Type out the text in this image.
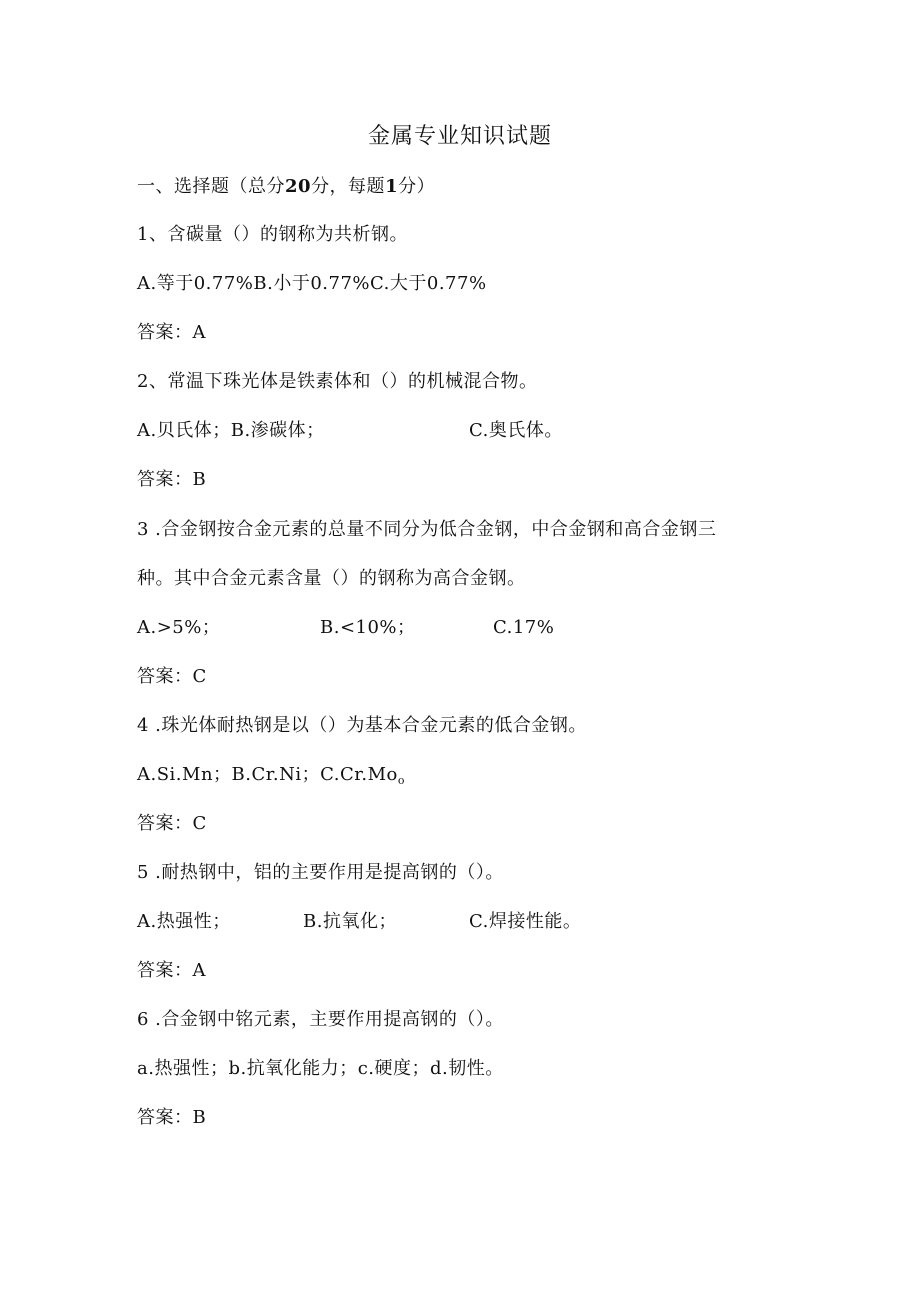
金属专业知识试题
一、选择题（总分20分，每题1分）
1、含碳量（）的钢称为共析钢。
A.等于0.77%B.小于0.77%C.大于0.77%
答案：A
2、常温下珠光体是铁素体和（）的机械混合物。
A.贝氏体；B.渗碳体；	C.奥氏体。
答案：B
3 .合金钢按合金元素的总量不同分为低合金钢，中合金钢和高合金钢三
种。其中合金元素含量（）的钢称为高合金钢。
A.>5%；	B.<10%；	C.17%
答案：C
4 .珠光体耐热钢是以（）为基本合金元素的低合金钢。
A.Si.Mn；B.Cr.Ni；$C.Cr.Mo_o$
答案：C
5 .耐热钢中，铝的主要作用是提高钢的（）。
A.热强性；	B.抗氧化；	C.焊接性能。
答案：A
6 .合金钢中铭元素，主要作用提高钢的（）。
a.热强性；b.抗氧化能力；c.硬度；d.韧性。
答案：B
